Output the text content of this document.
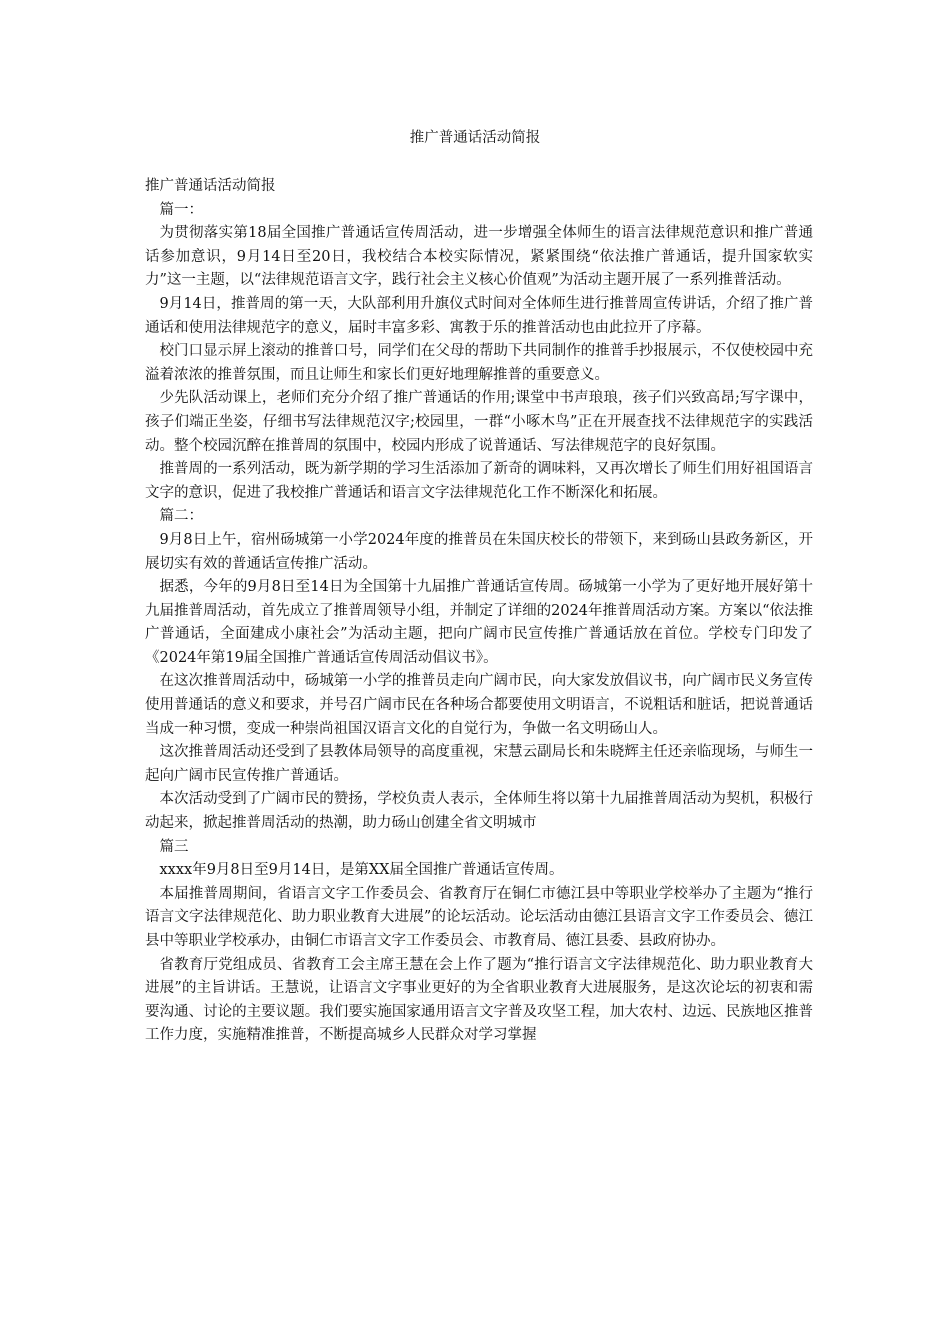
推广普通话活动简报

推广普通话活动简报

篇一：

为贯彻落实第18届全国推广普通话宣传周活动，进一步增强全体师生的语言法律规范意识和推广普通话参加意识，9月14日至20日，我校结合本校实际情况，紧紧围绕“依法推广普通话，提升国家软实力”这一主题，以“法律规范语言文字，践行社会主义核心价值观”为活动主题开展了一系列推普活动。

9月14日，推普周的第一天，大队部利用升旗仪式时间对全体师生进行推普周宣传讲话，介绍了推广普通话和使用法律规范字的意义，届时丰富多彩、寓教于乐的推普活动也由此拉开了序幕。

校门口显示屏上滚动的推普口号，同学们在父母的帮助下共同制作的推普手抄报展示，不仅使校园中充溢着浓浓的推普氛围，而且让师生和家长们更好地理解推普的重要意义。

少先队活动课上，老师们充分介绍了推广普通话的作用;课堂中书声琅琅，孩子们兴致高昂;写字课中，孩子们端正坐姿，仔细书写法律规范汉字;校园里，一群“小啄木鸟”正在开展查找不法律规范字的实践活动。整个校园沉醉在推普周的氛围中，校园内形成了说普通话、写法律规范字的良好氛围。

推普周的一系列活动，既为新学期的学习生活添加了新奇的调味料，又再次增长了师生们用好祖国语言文字的意识，促进了我校推广普通话和语言文字法律规范化工作不断深化和拓展。

篇二：

9月8日上午，宿州砀城第一小学2024年度的推普员在朱国庆校长的带领下，来到砀山县政务新区，开展切实有效的普通话宣传推广活动。

据悉，今年的9月8日至14日为全国第十九届推广普通话宣传周。砀城第一小学为了更好地开展好第十九届推普周活动，首先成立了推普周领导小组，并制定了详细的2024年推普周活动方案。方案以“依法推广普通话，全面建成小康社会”为活动主题，把向广阔市民宣传推广普通话放在首位。学校专门印发了《2024年第19届全国推广普通话宣传周活动倡议书》。

在这次推普周活动中，砀城第一小学的推普员走向广阔市民，向大家发放倡议书，向广阔市民义务宣传使用普通话的意义和要求，并号召广阔市民在各种场合都要使用文明语言，不说粗话和脏话，把说普通话当成一种习惯，变成一种崇尚祖国汉语言文化的自觉行为，争做一名文明砀山人。

这次推普周活动还受到了县教体局领导的高度重视，宋慧云副局长和朱晓辉主任还亲临现场，与师生一起向广阔市民宣传推广普通话。

本次活动受到了广阔市民的赞扬，学校负责人表示，全体师生将以第十九届推普周活动为契机，积极行动起来，掀起推普周活动的热潮，助力砀山创建全省文明城市

篇三

xxxx年9月8日至9月14日，是第XX届全国推广普通话宣传周。

本届推普周期间，省语言文字工作委员会、省教育厅在铜仁市德江县中等职业学校举办了主题为“推行语言文字法律规范化、助力职业教育大进展”的论坛活动。论坛活动由德江县语言文字工作委员会、德江县中等职业学校承办，由铜仁市语言文字工作委员会、市教育局、德江县委、县政府协办。

省教育厅党组成员、省教育工会主席王慧在会上作了题为“推行语言文字法律规范化、助力职业教育大进展”的主旨讲话。王慧说，让语言文字事业更好的为全省职业教育大进展服务，是这次论坛的初衷和需要沟通、讨论的主要议题。我们要实施国家通用语言文字普及攻坚工程，加大农村、边远、民族地区推普工作力度，实施精准推普，不断提高城乡人民群众对学习掌握
